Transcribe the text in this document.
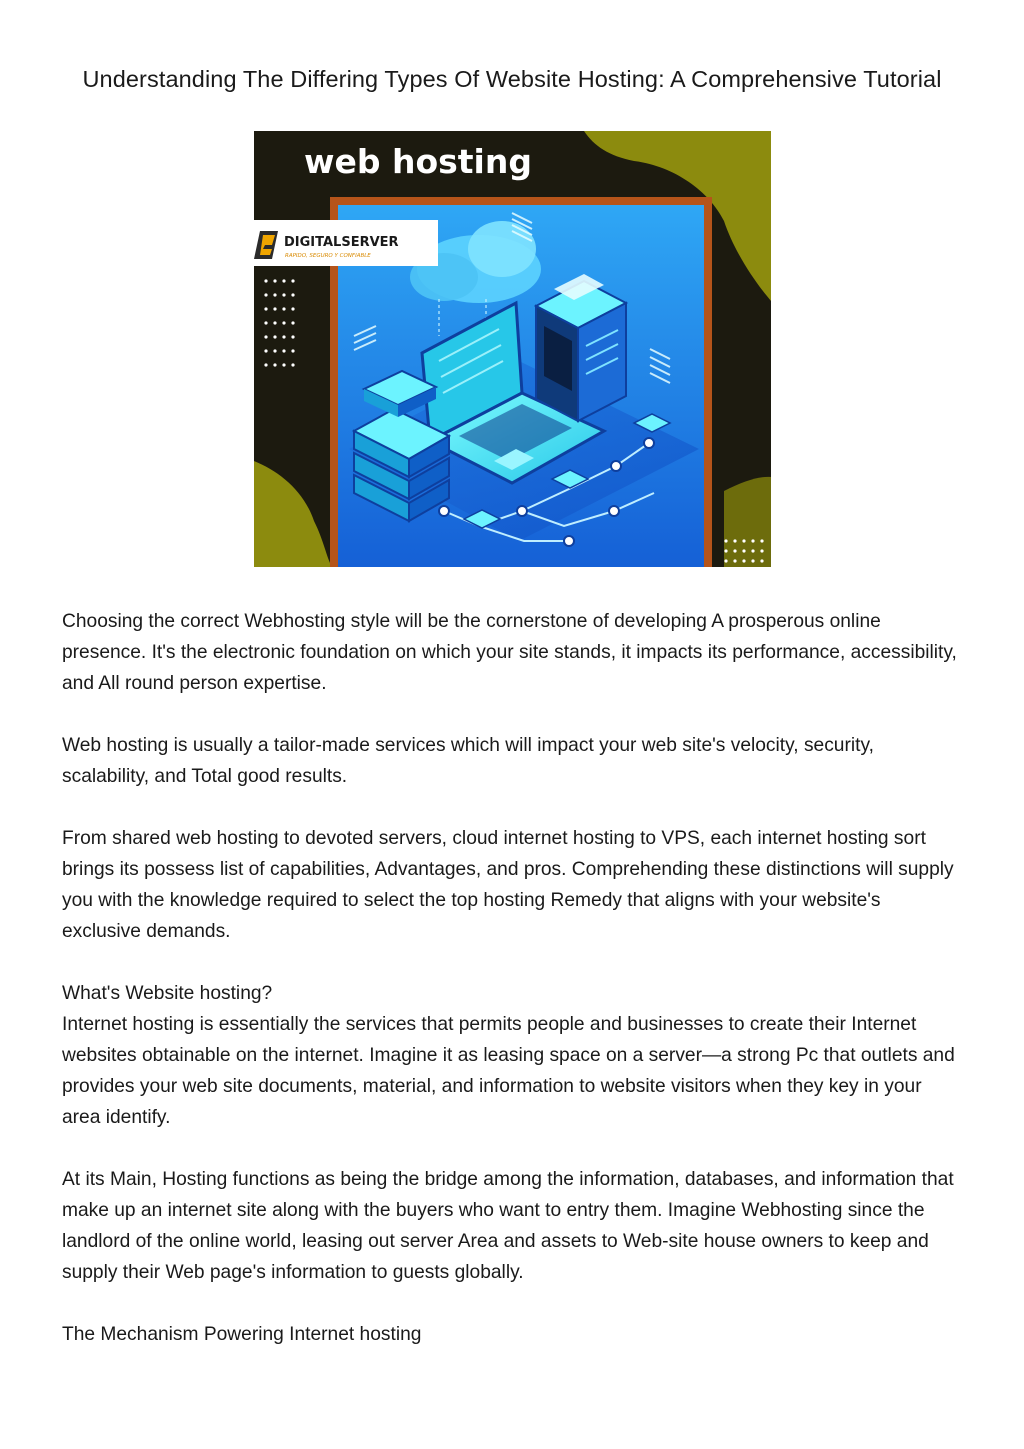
Understanding The Differing Types Of Website Hosting: A Comprehensive Tutorial
web hosting
DIGITALSERVER
RAPIDO, SEGURO Y CONFIABLE

Choosing the correct Webhosting style will be the cornerstone of developing A prosperous online presence. It's the electronic foundation on which your site stands, it impacts its performance, accessibility, and All round person expertise.

Web hosting is usually a tailor-made services which will impact your web site's velocity, security, scalability, and Total good results.

From shared web hosting to devoted servers, cloud internet hosting to VPS, each internet hosting sort brings its possess list of capabilities, Advantages, and pros. Comprehending these distinctions will supply you with the knowledge required to select the top hosting Remedy that aligns with your website's exclusive demands.

What's Website hosting?

Internet hosting is essentially the services that permits people and businesses to create their Internet websites obtainable on the internet. Imagine it as leasing space on a server—a strong Pc that outlets and provides your web site documents, material, and information to website visitors when they key in your area identify.

At its Main, Hosting functions as being the bridge among the information, databases, and information that make up an internet site along with the buyers who want to entry them. Imagine Webhosting since the landlord of the online world, leasing out server Area and assets to Web-site house owners to keep and supply their Web page's information to guests globally.

The Mechanism Powering Internet hosting
